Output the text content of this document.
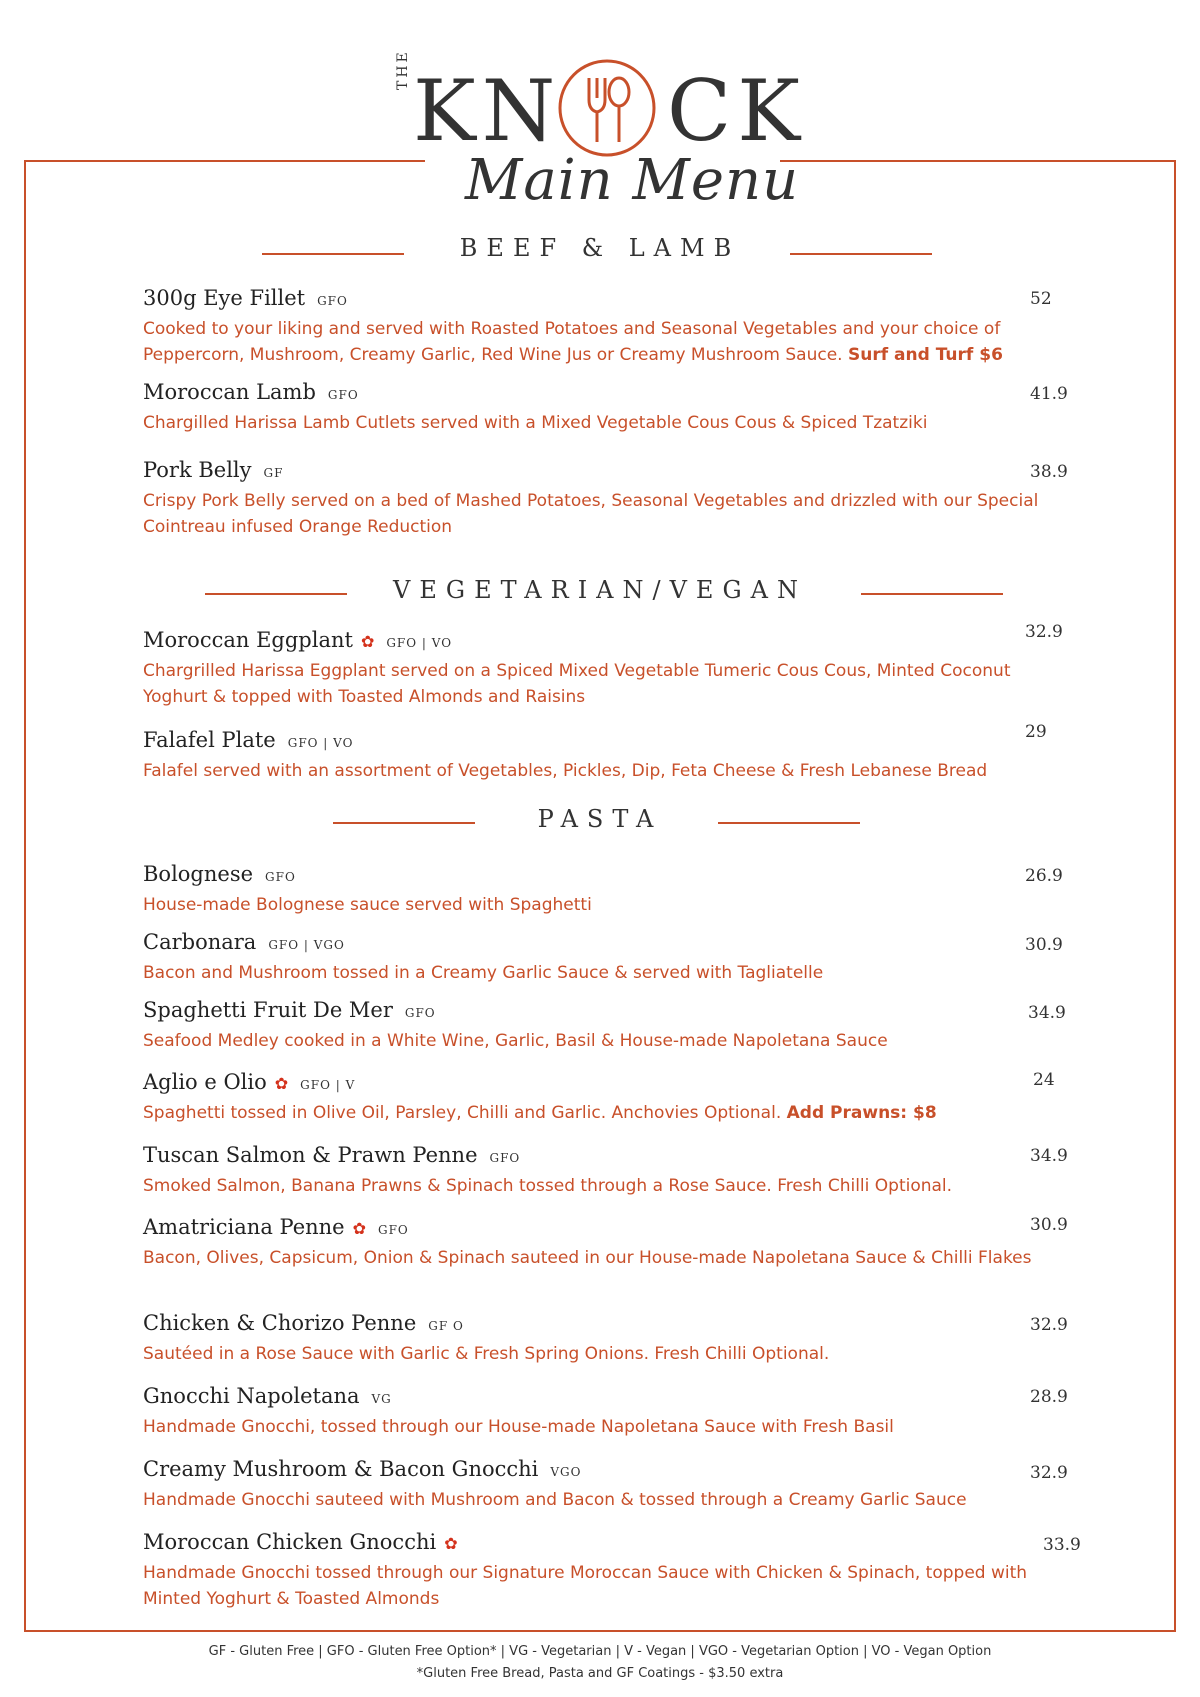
THE KN CK
Main Menu
BEEF & LAMB
VEGETARIAN/VEGAN
PASTA
300g Eye Fillet GFO
Cooked to your liking and served with Roasted Potatoes and Seasonal Vegetables and your choice of Peppercorn, Mushroom, Creamy Garlic, Red Wine Jus or Creamy Mushroom Sauce. Surf and Turf $6
52
Moroccan Lamb GFO
Chargilled Harissa Lamb Cutlets served with a Mixed Vegetable Cous Cous & Spiced Tzatziki
41.9
Pork Belly GF
Crispy Pork Belly served on a bed of Mashed Potatoes, Seasonal Vegetables and drizzled with our Special Cointreau infused Orange Reduction
38.9
Moroccan Eggplant ✿ GFO | VO
Chargrilled Harissa Eggplant served on a Spiced Mixed Vegetable Tumeric Cous Cous, Minted Coconut Yoghurt & topped with Toasted Almonds and Raisins
32.9
Falafel Plate GFO | VO
Falafel served with an assortment of Vegetables, Pickles, Dip, Feta Cheese & Fresh Lebanese Bread
29
Bolognese GFO
House-made Bolognese sauce served with Spaghetti
26.9
Carbonara GFO | VGO
Bacon and Mushroom tossed in a Creamy Garlic Sauce & served with Tagliatelle
30.9
Spaghetti Fruit De Mer GFO
Seafood Medley cooked in a White Wine, Garlic, Basil & House-made Napoletana Sauce
34.9
Aglio e Olio ✿ GFO | V
Spaghetti tossed in Olive Oil, Parsley, Chilli and Garlic. Anchovies Optional. Add Prawns: $8
24
Tuscan Salmon & Prawn Penne GFO
Smoked Salmon, Banana Prawns & Spinach tossed through a Rose Sauce. Fresh Chilli Optional.
34.9
Amatriciana Penne ✿ GFO
Bacon, Olives, Capsicum, Onion & Spinach sauteed in our House-made Napoletana Sauce & Chilli Flakes
30.9
Chicken & Chorizo Penne GF O
Sautéed in a Rose Sauce with Garlic & Fresh Spring Onions. Fresh Chilli Optional.
32.9
Gnocchi Napoletana VG
Handmade Gnocchi, tossed through our House-made Napoletana Sauce with Fresh Basil
28.9
Creamy Mushroom & Bacon Gnocchi VGO
Handmade Gnocchi sauteed with Mushroom and Bacon & tossed through a Creamy Garlic Sauce
32.9
Moroccan Chicken Gnocchi ✿
Handmade Gnocchi tossed through our Signature Moroccan Sauce with Chicken & Spinach, topped with Minted Yoghurt & Toasted Almonds
33.9
GF - Gluten Free | GFO - Gluten Free Option* | VG - Vegetarian | V - Vegan | VGO - Vegetarian Option | VO - Vegan Option
*Gluten Free Bread, Pasta and GF Coatings - $3.50 extra
